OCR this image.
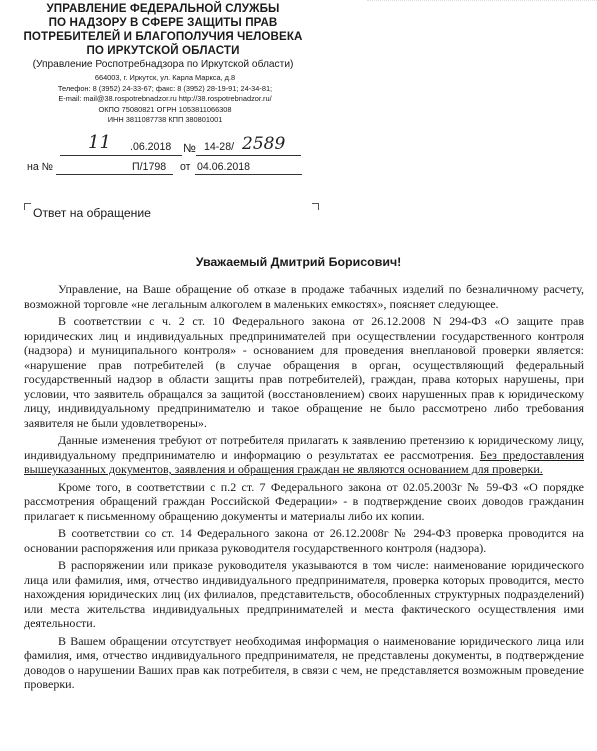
УПРАВЛЕНИЕ ФЕДЕРАЛЬНОЙ СЛУЖБЫ
ПО НАДЗОРУ В СФЕРЕ ЗАЩИТЫ ПРАВ
ПОТРЕБИТЕЛЕЙ И БЛАГОПОЛУЧИЯ ЧЕЛОВЕКА
ПО ИРКУТСКОЙ ОБЛАСТИ
(Управление Роспотребнадзора по Иркутской области)
664003, г. Иркутск, ул. Карла Маркса, д.8
Телефон: 8 (3952) 24-33-67; факс: 8 (3952) 28-19-91; 24-34-81;
E-mail: mail@38.rospotrebnadzor.ru http://38.rospotrebnadzor.ru/
ОКПО 75080821 ОГРН 1053811066308
ИНН 3811087738 КПП 380801001
11 .06.2018 № 14-28/ 2589
на №	П/1798 от 04.06.2018
Ответ на обращение
Уважаемый Дмитрий Борисович!

Управление, на Ваше обращение об отказе в продаже табачных изделий по безналичному расчету, возможной торговле «не легальным алкоголем в маленьких емкостях», поясняет следующее.

В соответствии с ч. 2 ст. 10 Федерального закона от 26.12.2008 N 294-ФЗ «О защите прав юридических лиц и индивидуальных предпринимателей при осуществлении государственного контроля (надзора) и муниципального контроля» - основанием для проведения внеплановой проверки является: «нарушение прав потребителей (в случае обращения в орган, осуществляющий федеральный государственный надзор в области защиты прав потребителей), граждан, права которых нарушены, при условии, что заявитель обращался за защитой (восстановлением) своих нарушенных прав к юридическому лицу, индивидуальному предпринимателю и такое обращение не было рассмотрено либо требования заявителя не были удовлетворены».

Данные изменения требуют от потребителя прилагать к заявлению претензию к юридическому лицу, индивидуальному предпринимателю и информацию о результатах ее рассмотрения. Без предоставления вышеуказанных документов, заявления и обращения граждан не являются основанием для проверки.

Кроме того, в соответствии с п.2 ст. 7 Федерального закона от 02.05.2003г № 59-ФЗ «О порядке рассмотрения обращений граждан Российской Федерации» - в подтверждение своих доводов гражданин прилагает к письменному обращению документы и материалы либо их копии.

В соответствии со ст. 14 Федерального закона от 26.12.2008г № 294-ФЗ проверка проводится на основании распоряжения или приказа руководителя государственного контроля (надзора).

В распоряжении или приказе руководителя указываются в том числе: наименование юридического лица или фамилия, имя, отчество индивидуального предпринимателя, проверка которых проводится, место нахождения юридических лиц (их филиалов, представительств, обособленных структурных подразделений) или места жительства индивидуальных предпринимателей и места фактического осуществления ими деятельности.

В Вашем обращении отсутствует необходимая информация о наименование юридического лица или фамилия, имя, отчество индивидуального предпринимателя, не представлены документы, в подтверждение доводов о нарушении Ваших прав как потребителя, в связи с чем, не представляется возможным проведение проверки.
